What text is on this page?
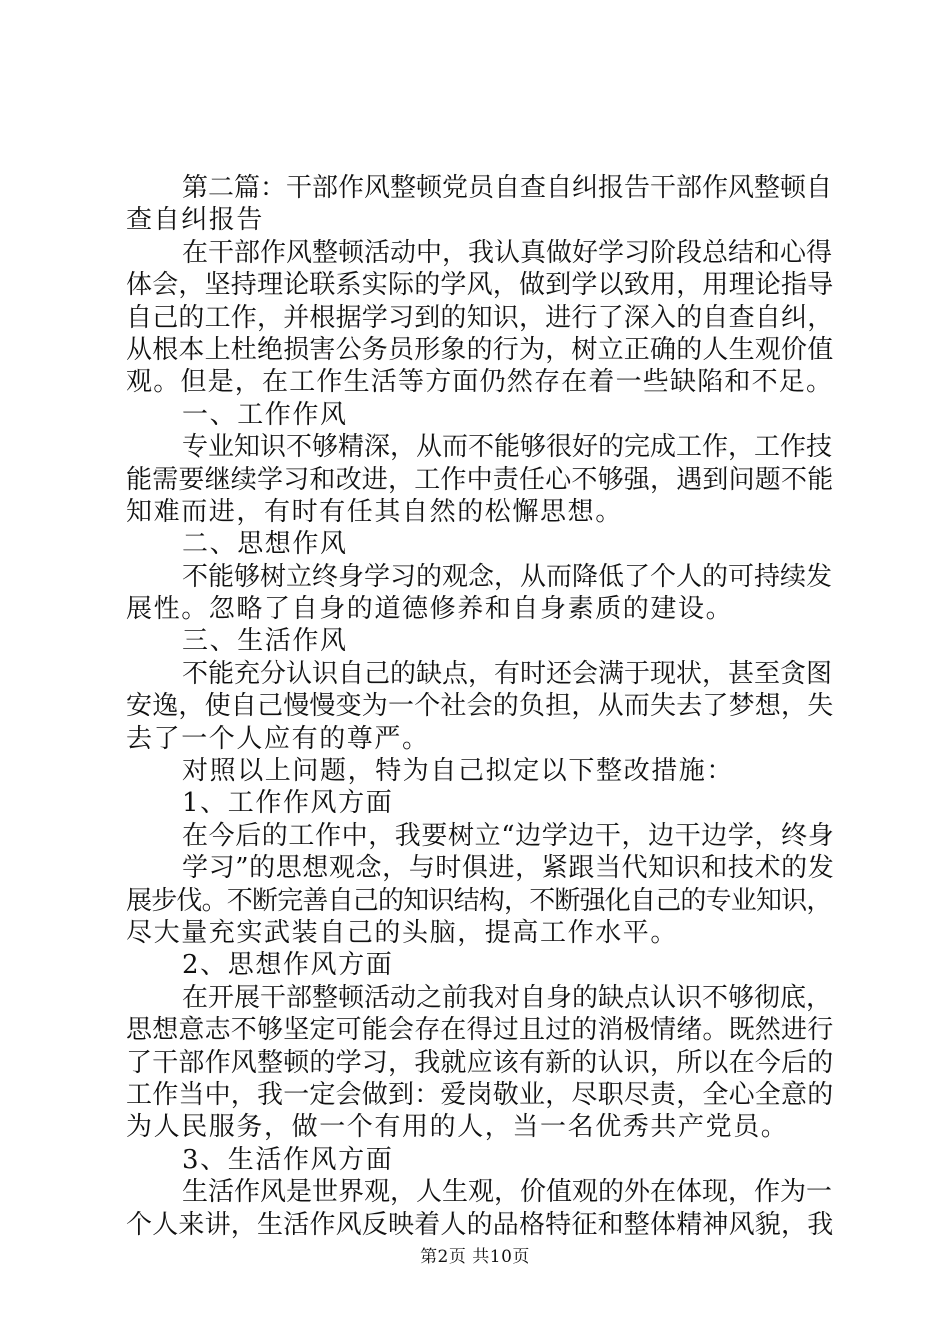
第二篇：干部作风整顿党员自查自纠报告干部作风整顿自
查自纠报告
在干部作风整顿活动中，我认真做好学习阶段总结和心得
体会，坚持理论联系实际的学风，做到学以致用，用理论指导
自己的工作，并根据学习到的知识，进行了深入的自查自纠，
从根本上杜绝损害公务员形象的行为，树立正确的人生观价值
观。但是，在工作生活等方面仍然存在着一些缺陷和不足。
一、工作作风
专业知识不够精深，从而不能够很好的完成工作，工作技
能需要继续学习和改进，工作中责任心不够强，遇到问题不能
知难而进，有时有任其自然的松懈思想。
二、思想作风
不能够树立终身学习的观念，从而降低了个人的可持续发
展性。忽略了自身的道德修养和自身素质的建设。
三、生活作风
不能充分认识自己的缺点，有时还会满于现状，甚至贪图
安逸，使自己慢慢变为一个社会的负担，从而失去了梦想，失
去了一个人应有的尊严。
对照以上问题，特为自己拟定以下整改措施：
1、工作作风方面
在今后的工作中，我要树立“边学边干，边干边学，终身
学习”的思想观念，与时俱进，紧跟当代知识和技术的发
展步伐。不断完善自己的知识结构，不断强化自己的专业知识，
尽大量充实武装自己的头脑，提高工作水平。
2、思想作风方面
在开展干部整顿活动之前我对自身的缺点认识不够彻底，
思想意志不够坚定可能会存在得过且过的消极情绪。既然进行
了干部作风整顿的学习，我就应该有新的认识，所以在今后的
工作当中，我一定会做到：爱岗敬业，尽职尽责，全心全意的
为人民服务，做一个有用的人，当一名优秀共产党员。
3、生活作风方面
生活作风是世界观，人生观，价值观的外在体现，作为一
个人来讲，生活作风反映着人的品格特征和整体精神风貌，我
第2页 共10页
